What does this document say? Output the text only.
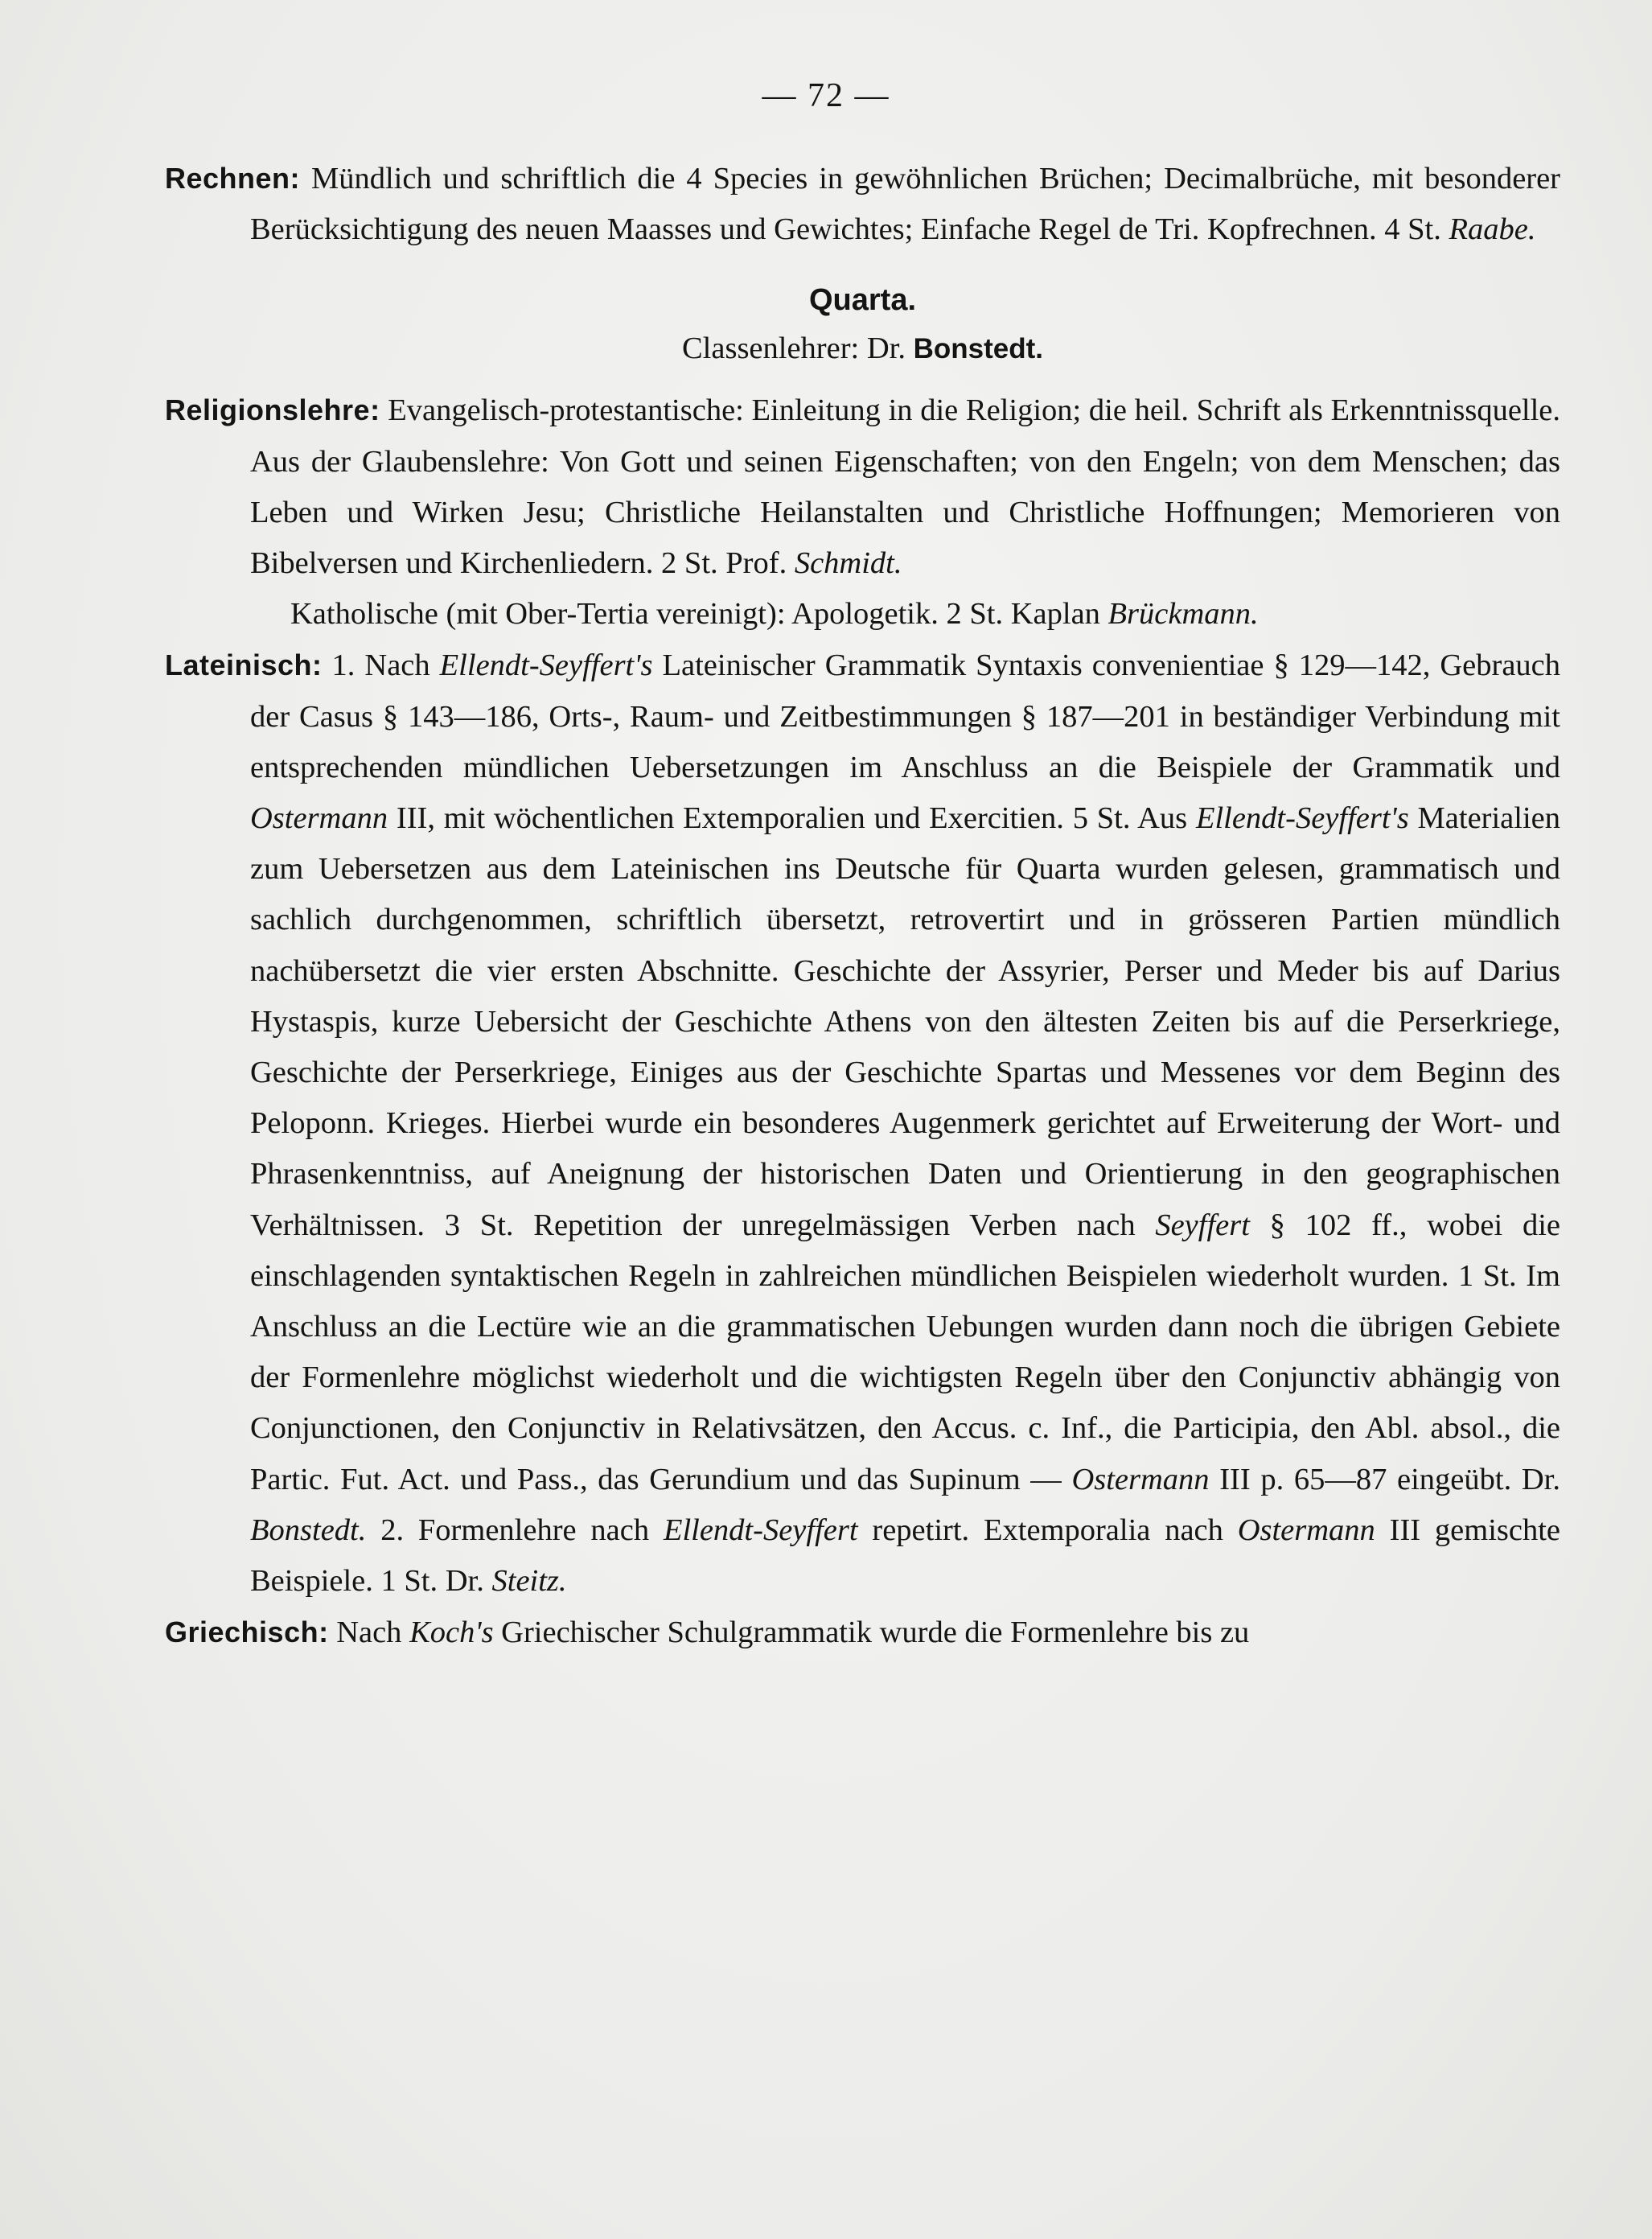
— 72 —

Rechnen: Mündlich und schriftlich die 4 Species in gewöhnlichen Brüchen; Decimalbrüche, mit besonderer Berücksichtigung des neuen Maasses und Gewichtes; Einfache Regel de Tri. Kopfrechnen. 4 St. Raabe.

Quarta.
Classenlehrer: Dr. Bonstedt.

Religionslehre: Evangelisch-protestantische: Einleitung in die Religion; die heil. Schrift als Erkenntnissquelle. Aus der Glaubenslehre: Von Gott und seinen Eigenschaften; von den Engeln; von dem Menschen; das Leben und Wirken Jesu; Christliche Heilanstalten und Christliche Hoffnungen; Memorieren von Bibelversen und Kirchenliedern. 2 St. Prof. Schmidt.

Katholische (mit Ober-Tertia vereinigt): Apologetik. 2 St. Kaplan Brückmann.

Lateinisch: 1. Nach Ellendt-Seyffert's Lateinischer Grammatik Syntaxis convenientiae § 129—142, Gebrauch der Casus § 143—186, Orts-, Raum- und Zeitbestimmungen § 187—201 in beständiger Verbindung mit entsprechenden mündlichen Uebersetzungen im Anschluss an die Beispiele der Grammatik und Ostermann III, mit wöchentlichen Extemporalien und Exercitien. 5 St. Aus Ellendt-Seyffert's Materialien zum Uebersetzen aus dem Lateinischen ins Deutsche für Quarta wurden gelesen, grammatisch und sachlich durchgenommen, schriftlich übersetzt, retrovertirt und in grösseren Partien mündlich nachübersetzt die vier ersten Abschnitte. Geschichte der Assyrier, Perser und Meder bis auf Darius Hystaspis, kurze Uebersicht der Geschichte Athens von den ältesten Zeiten bis auf die Perserkriege, Geschichte der Perserkriege, Einiges aus der Geschichte Spartas und Messenes vor dem Beginn des Peloponn. Krieges. Hierbei wurde ein besonderes Augenmerk gerichtet auf Erweiterung der Wort- und Phrasenkenntniss, auf Aneignung der historischen Daten und Orientierung in den geographischen Verhältnissen. 3 St. Repetition der unregelmässigen Verben nach Seyffert § 102 ff., wobei die einschlagenden syntaktischen Regeln in zahlreichen mündlichen Beispielen wiederholt wurden. 1 St. Im Anschluss an die Lectüre wie an die grammatischen Uebungen wurden dann noch die übrigen Gebiete der Formenlehre möglichst wiederholt und die wichtigsten Regeln über den Conjunctiv abhängig von Conjunctionen, den Conjunctiv in Relativsätzen, den Accus. c. Inf., die Participia, den Abl. absol., die Partic. Fut. Act. und Pass., das Gerundium und das Supinum — Ostermann III p. 65—87 eingeübt. Dr. Bonstedt. 2. Formenlehre nach Ellendt-Seyffert repetirt. Extemporalia nach Ostermann III gemischte Beispiele. 1 St. Dr. Steitz.

Griechisch: Nach Koch's Griechischer Schulgrammatik wurde die Formenlehre bis zu
